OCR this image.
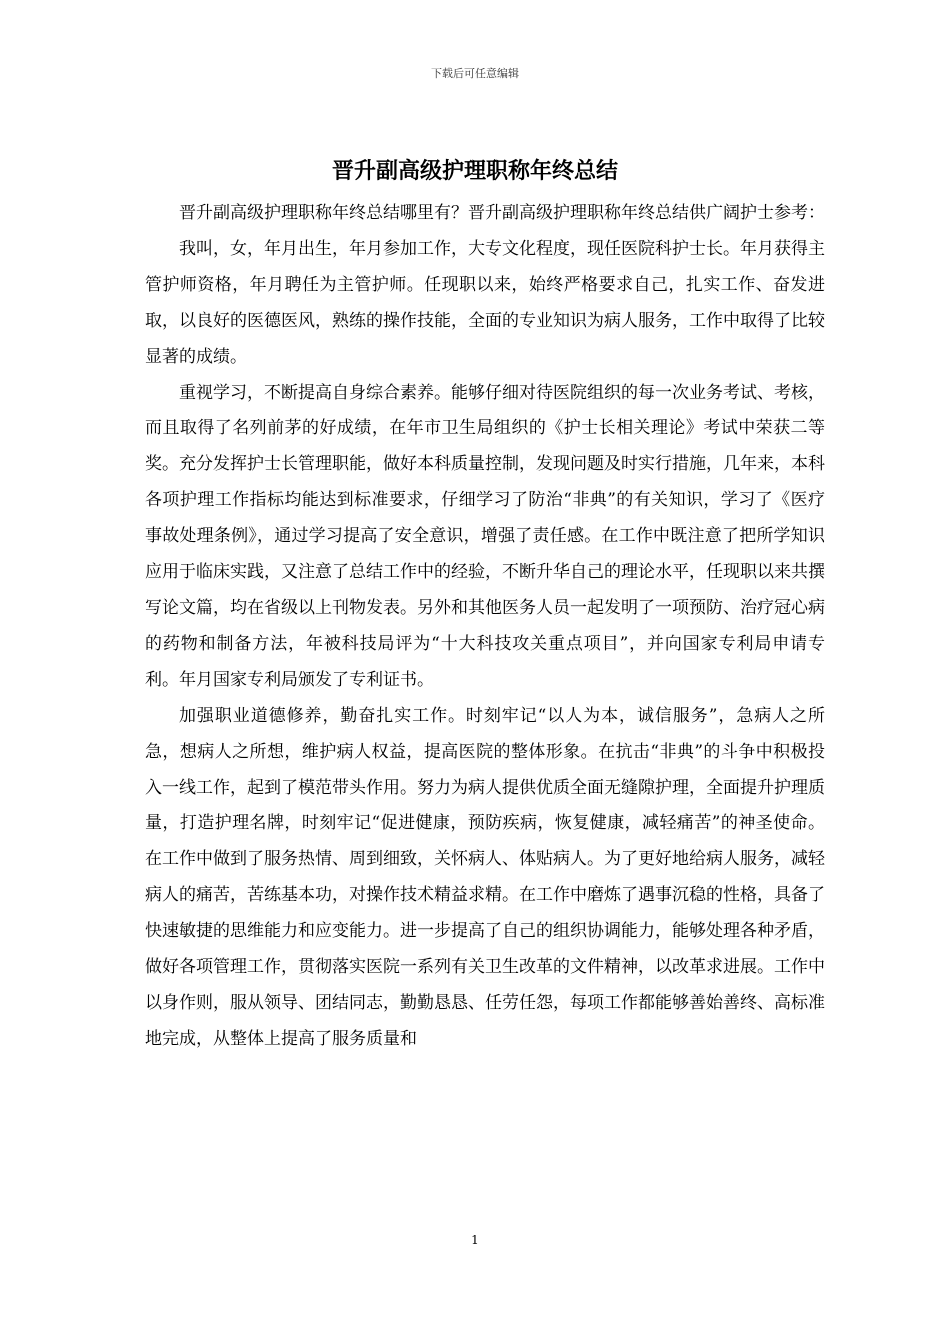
下载后可任意编辑
晋升副高级护理职称年终总结

晋升副高级护理职称年终总结哪里有？晋升副高级护理职称年终总结供广阔护士参考：

我叫，女，年月出生，年月参加工作，大专文化程度，现任医院科护士长。年月获得主管护师资格，年月聘任为主管护师。任现职以来，始终严格要求自己，扎实工作、奋发进取，以良好的医德医风，熟练的操作技能，全面的专业知识为病人服务，工作中取得了比较显著的成绩。

重视学习，不断提高自身综合素养。能够仔细对待医院组织的每一次业务考试、考核，而且取得了名列前茅的好成绩，在年市卫生局组织的《护士长相关理论》考试中荣获二等奖。充分发挥护士长管理职能，做好本科质量控制，发现问题及时实行措施，几年来，本科各项护理工作指标均能达到标准要求，仔细学习了防治“非典”的有关知识，学习了《医疗事故处理条例》，通过学习提高了安全意识，增强了责任感。在工作中既注意了把所学知识应用于临床实践，又注意了总结工作中的经验，不断升华自己的理论水平，任现职以来共撰写论文篇，均在省级以上刊物发表。另外和其他医务人员一起发明了一项预防、治疗冠心病的药物和制备方法，年被科技局评为“十大科技攻关重点项目”，并向国家专利局申请专利。年月国家专利局颁发了专利证书。

加强职业道德修养，勤奋扎实工作。时刻牢记“以人为本，诚信服务”，急病人之所急，想病人之所想，维护病人权益，提高医院的整体形象。在抗击“非典”的斗争中积极投入一线工作，起到了模范带头作用。努力为病人提供优质全面无缝隙护理，全面提升护理质量，打造护理名牌，时刻牢记“促进健康，预防疾病，恢复健康，减轻痛苦”的神圣使命。在工作中做到了服务热情、周到细致，关怀病人、体贴病人。为了更好地给病人服务，减轻病人的痛苦，苦练基本功，对操作技术精益求精。在工作中磨炼了遇事沉稳的性格，具备了快速敏捷的思维能力和应变能力。进一步提高了自己的组织协调能力，能够处理各种矛盾，做好各项管理工作，贯彻落实医院一系列有关卫生改革的文件精神，以改革求进展。工作中以身作则，服从领导、团结同志，勤勤恳恳、任劳任怨，每项工作都能够善始善终、高标准地完成，从整体上提高了服务质量和

1
